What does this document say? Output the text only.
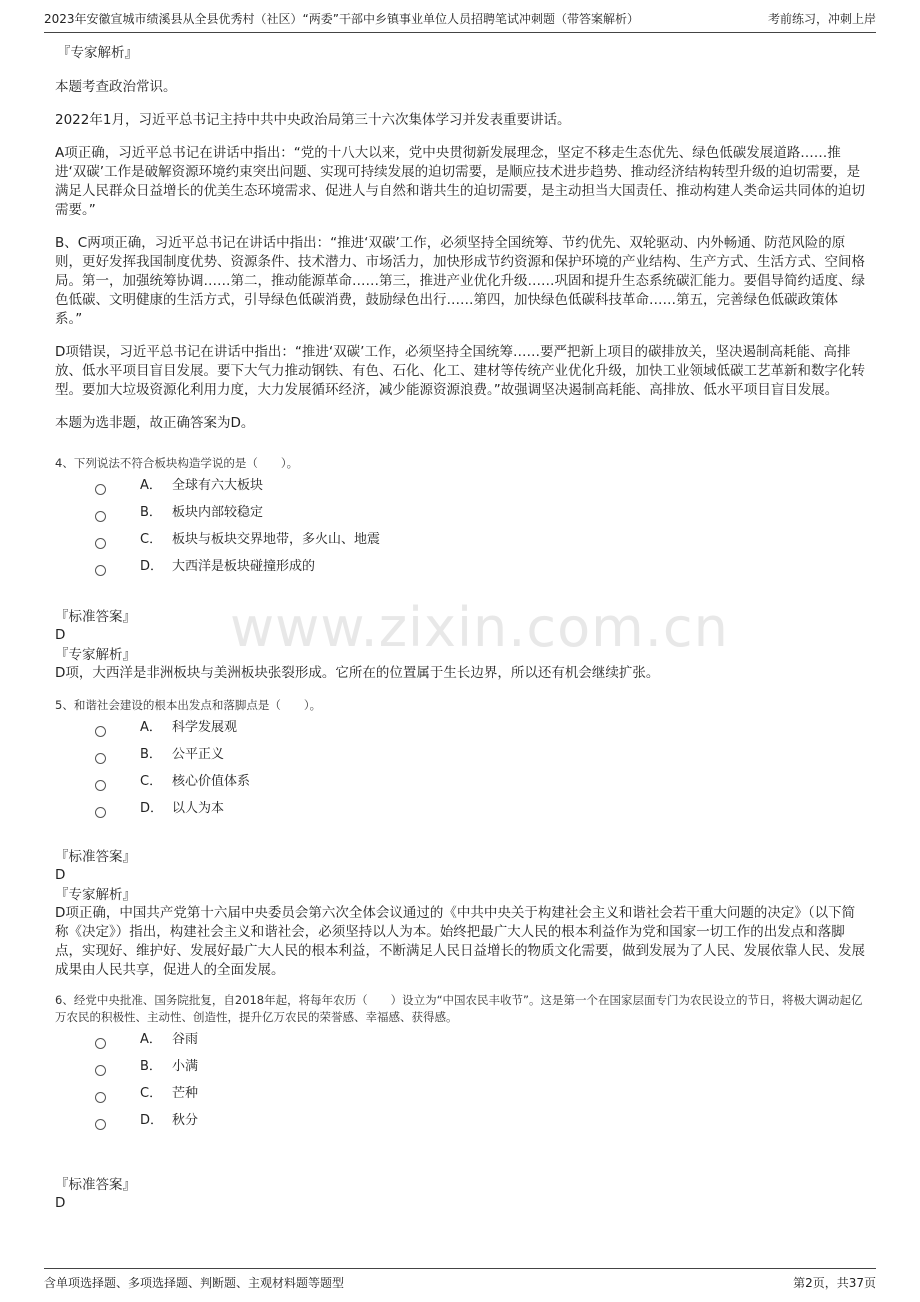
2023年安徽宣城市绩溪县从全县优秀村（社区）“两委”干部中乡镇事业单位人员招聘笔试冲刺题（带答案解析）	考前练习，冲刺上岸
www.zixin.com.cn
『专家解析』

本题考查政治常识。

2022年1月，习近平总书记主持中共中央政治局第三十六次集体学习并发表重要讲话。

A项正确，习近平总书记在讲话中指出：“党的十八大以来，党中央贯彻新发展理念，坚定不移走生态优先、绿色低碳发展道路……推进‘双碳’工作是破解资源环境约束突出问题、实现可持续发展的迫切需要，是顺应技术进步趋势、推动经济结构转型升级的迫切需要，是满足人民群众日益增长的优美生态环境需求、促进人与自然和谐共生的迫切需要，是主动担当大国责任、推动构建人类命运共同体的迫切需要。”

B、C两项正确，习近平总书记在讲话中指出：“推进‘双碳’工作，必须坚持全国统筹、节约优先、双轮驱动、内外畅通、防范风险的原则，更好发挥我国制度优势、资源条件、技术潜力、市场活力，加快形成节约资源和保护环境的产业结构、生产方式、生活方式、空间格局。第一，加强统筹协调……第二，推动能源革命……第三，推进产业优化升级……巩固和提升生态系统碳汇能力。要倡导简约适度、绿色低碳、文明健康的生活方式，引导绿色低碳消费，鼓励绿色出行……第四，加快绿色低碳科技革命……第五，完善绿色低碳政策体系。”

D项错误，习近平总书记在讲话中指出：“推进‘双碳’工作，必须坚持全国统筹……要严把新上项目的碳排放关，坚决遏制高耗能、高排放、低水平项目盲目发展。要下大气力推动钢铁、有色、石化、化工、建材等传统产业优化升级，加快工业领域低碳工艺革新和数字化转型。要加大垃圾资源化利用力度，大力发展循环经济，减少能源资源浪费。”故强调坚决遏制高耗能、高排放、低水平项目盲目发展。

本题为选非题，故正确答案为D。

4、下列说法不符合板块构造学说的是（　　）。
A． 全球有六大板块
B． 板块内部较稳定
C． 板块与板块交界地带，多火山、地震
D． 大西洋是板块碰撞形成的
『标准答案』
D
『专家解析』

D项，大西洋是非洲板块与美洲板块张裂形成。它所在的位置属于生长边界，所以还有机会继续扩张。

5、和谐社会建设的根本出发点和落脚点是（　　）。
A． 科学发展观
B． 公平正义
C． 核心价值体系
D． 以人为本
『标准答案』
D
『专家解析』

D项正确，中国共产党第十六届中央委员会第六次全体会议通过的《中共中央关于构建社会主义和谐社会若干重大问题的决定》（以下简称《决定》）指出，构建社会主义和谐社会，必须坚持以人为本。始终把最广大人民的根本利益作为党和国家一切工作的出发点和落脚点，实现好、维护好、发展好最广大人民的根本利益，不断满足人民日益增长的物质文化需要，做到发展为了人民、发展依靠人民、发展成果由人民共享，促进人的全面发展。

6、经党中央批准、国务院批复，自2018年起，将每年农历（　　）设立为“中国农民丰收节”。这是第一个在国家层面专门为农民设立的节日，将极大调动起亿万农民的积极性、主动性、创造性，提升亿万农民的荣誉感、幸福感、获得感。
A． 谷雨
B． 小满
C． 芒种
D． 秋分
『标准答案』
D
含单项选择题、多项选择题、判断题、主观材料题等题型	第2页，共37页
